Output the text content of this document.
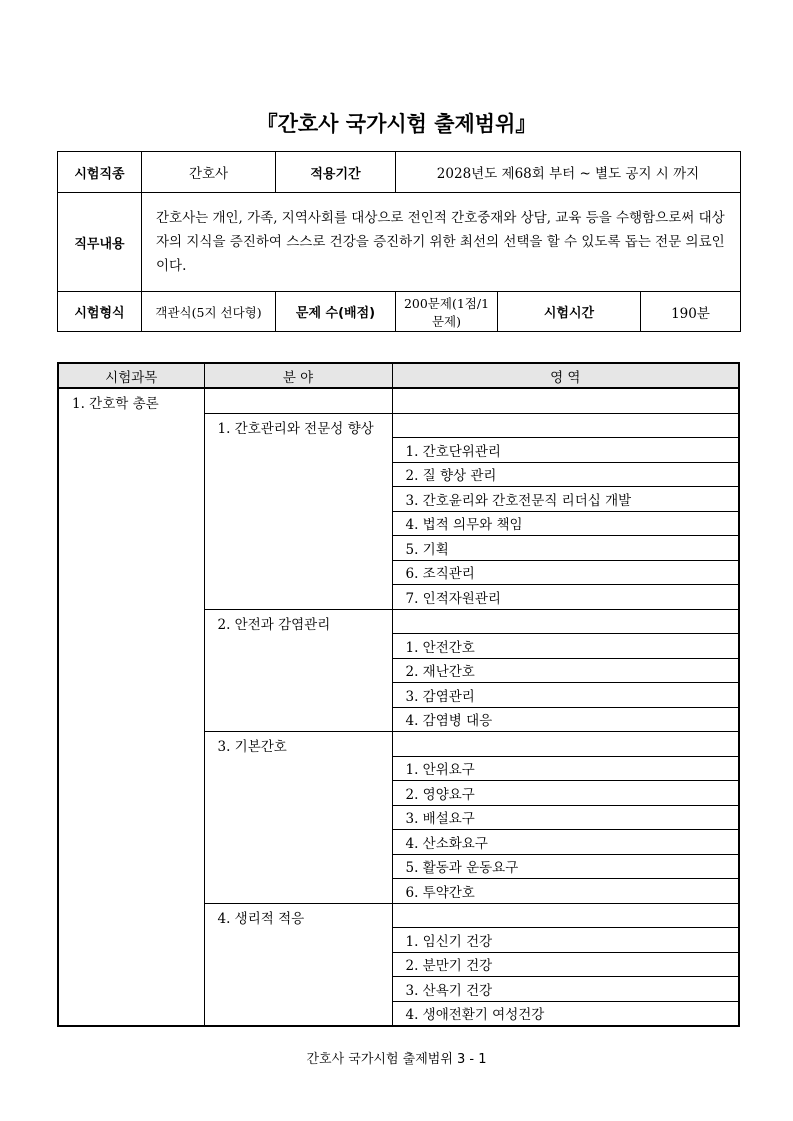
『간호사 국가시험 출제범위』
시험직종	간호사	적용기간	2028년도 제68회 부터 ~ 별도 공지 시 까지		
직무내용	간호사는 개인, 가족, 지역사회를 대상으로 전인적 간호중재와 상담, 교육 등을 수행함으로써 대상자의 지식을 증진하여 스스로 건강을 증진하기 위한 최선의 선택을 할 수 있도록 돕는 전문 의료인이다.				
시험형식	객관식(5지 선다형)	문제 수(배점)	200문제(1점/1문제)	시험시간	190분
시험과목	분 야	영 역
1. 간호학 총론		
	1. 간호관리와 전문성 향상	
		1. 간호단위관리
		2. 질 향상 관리
		3. 간호윤리와 간호전문직 리더십 개발
		4. 법적 의무와 책임
		5. 기획
		6. 조직관리
		7. 인적자원관리
	2. 안전과 감염관리	
		1. 안전간호
		2. 재난간호
		3. 감염관리
		4. 감염병 대응
	3. 기본간호	
		1. 안위요구
		2. 영양요구
		3. 배설요구
		4. 산소화요구
		5. 활동과 운동요구
		6. 투약간호
	4. 생리적 적응	
		1. 임신기 건강
		2. 분만기 건강
		3. 산욕기 건강
		4. 생애전환기 여성건강
간호사 국가시험 출제범위 3 - 1
